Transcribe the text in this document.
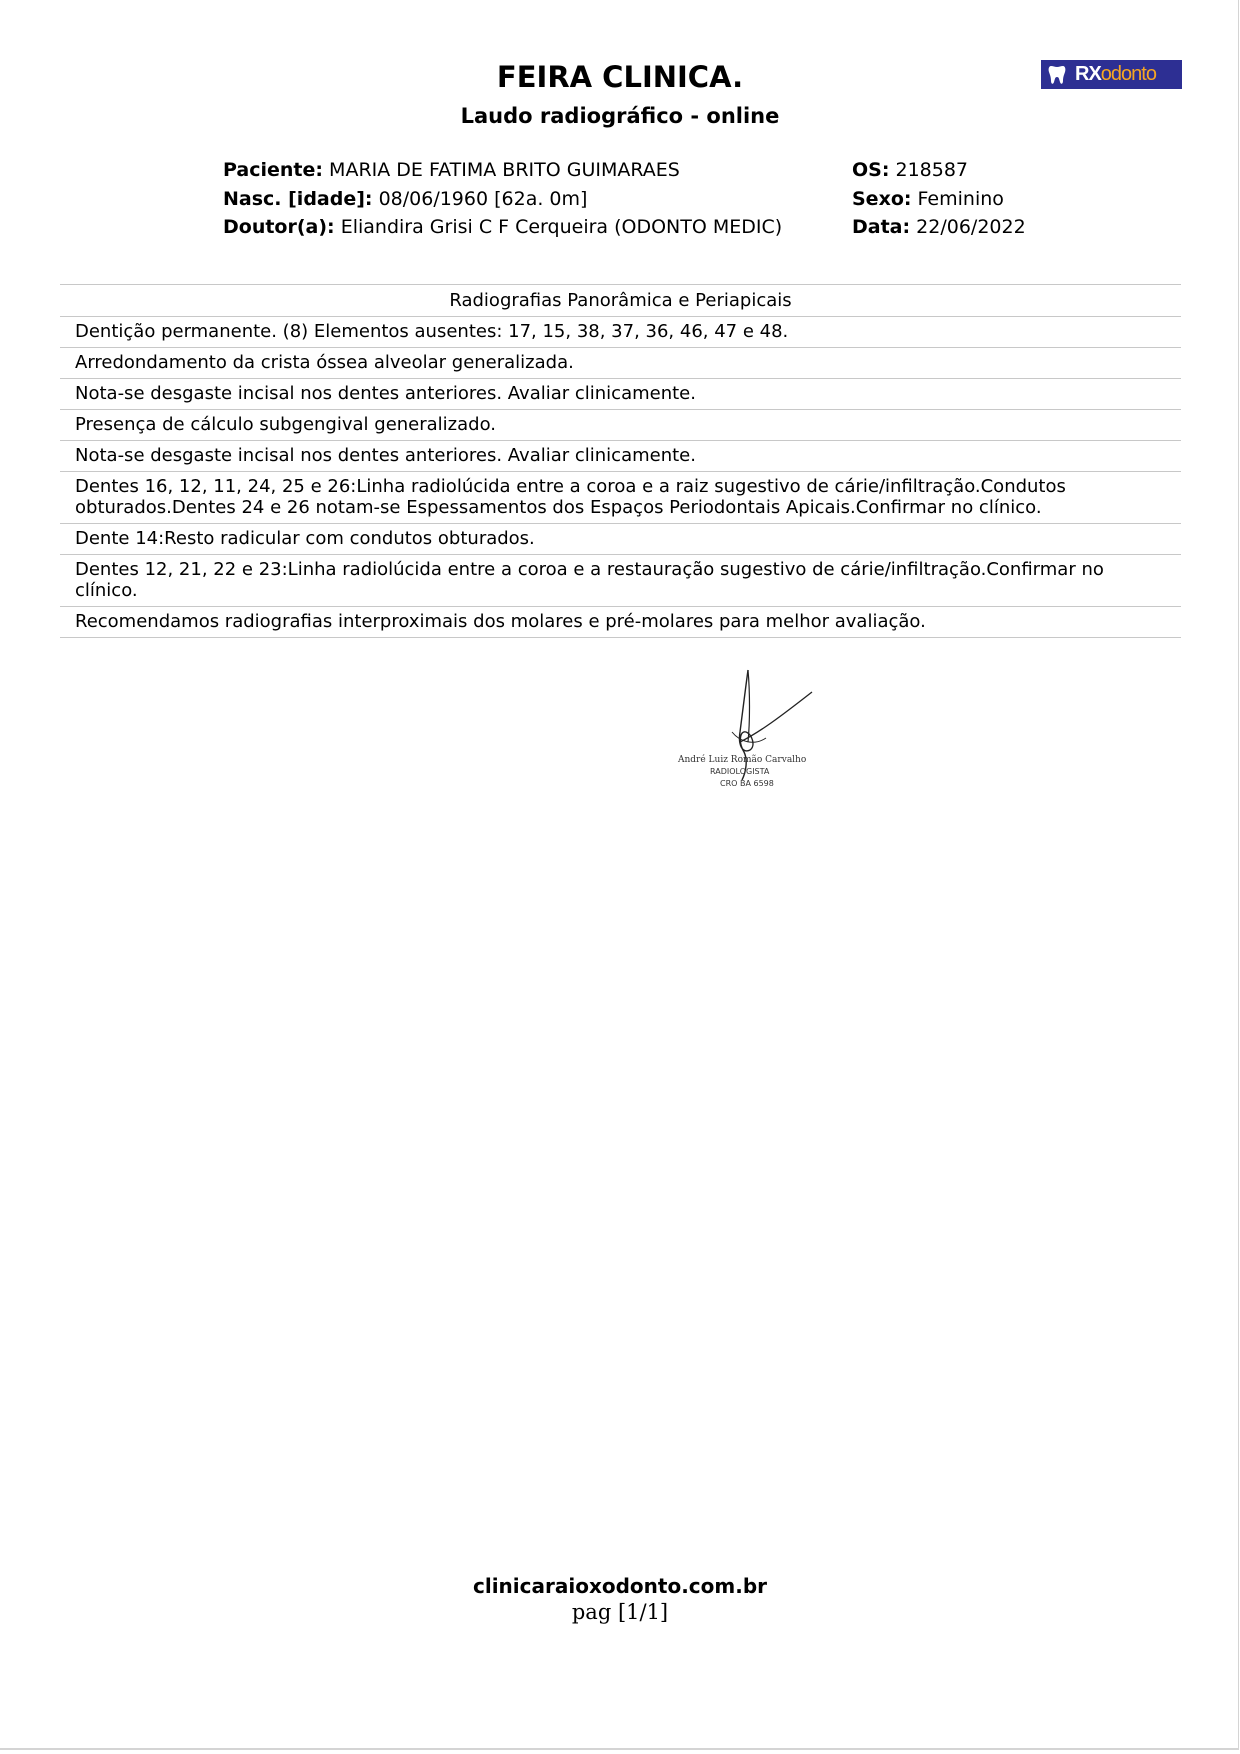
FEIRA CLINICA.
Laudo radiográfico - online
RX odonto
Paciente: MARIA DE FATIMA BRITO GUIMARAES
Nasc. [idade]: 08/06/1960 [62a. 0m]
Doutor(a): Eliandira Grisi C F Cerqueira (ODONTO MEDIC)
OS: 218587
Sexo: Feminino
Data: 22/06/2022
Radiografias Panorâmica e Periapicais
Dentição permanente. (8) Elementos ausentes: 17, 15, 38, 37, 36, 46, 47 e 48.
Arredondamento da crista óssea alveolar generalizada.
Nota-se desgaste incisal nos dentes anteriores. Avaliar clinicamente.
Presença de cálculo subgengival generalizado.
Nota-se desgaste incisal nos dentes anteriores. Avaliar clinicamente.
Dentes 16, 12, 11, 24, 25 e 26:Linha radiolúcida entre a coroa e a raiz sugestivo de cárie/infiltração.Condutos obturados.Dentes 24 e 26 notam-se Espessamentos dos Espaços Periodontais Apicais.Confirmar no clínico.
Dente 14:Resto radicular com condutos obturados.
Dentes 12, 21, 22 e 23:Linha radiolúcida entre a coroa e a restauração sugestivo de cárie/infiltração.Confirmar no clínico.
Recomendamos radiografias interproximais dos molares e pré-molares para melhor avaliação.
André Luiz Romão Carvalho
RADIOLOGISTA
CRO BA 6598
clinicaraioxodonto.com.br
pag [1/1]
